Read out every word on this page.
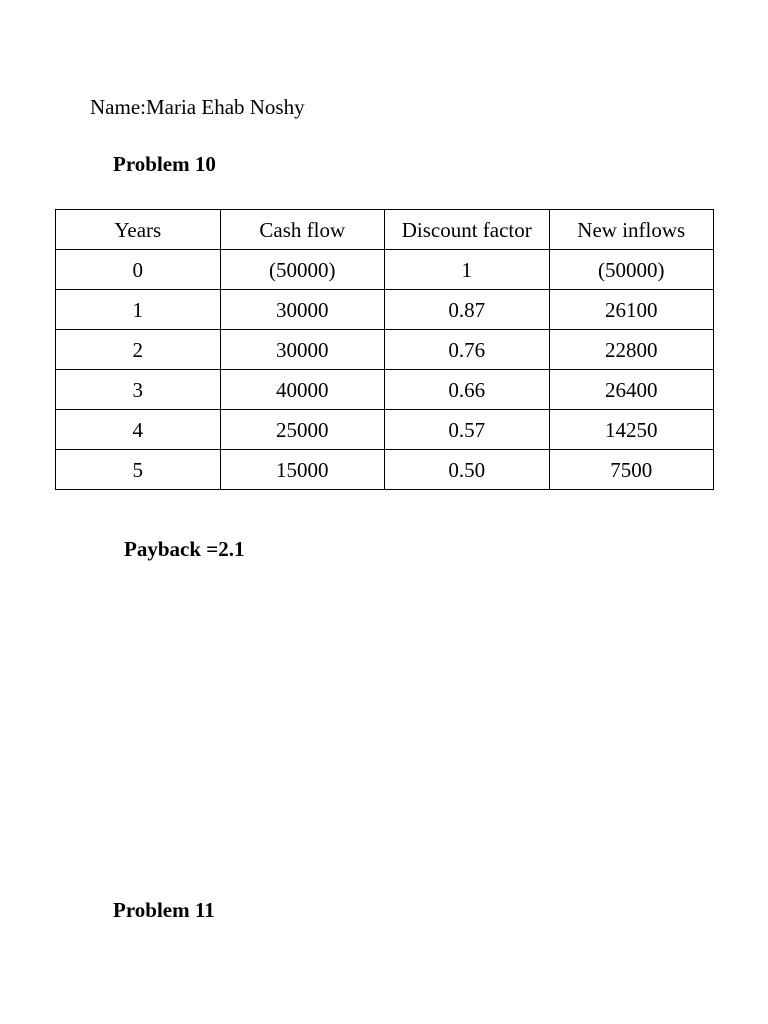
Name:Maria Ehab Noshy
Problem 10
Years	Cash flow	Discount factor	New inflows
0	(50000)	1	(50000)
1	30000	0.87	26100
2	30000	0.76	22800
3	40000	0.66	26400
4	25000	0.57	14250
5	15000	0.50	7500
Payback =2.1
Problem 11
